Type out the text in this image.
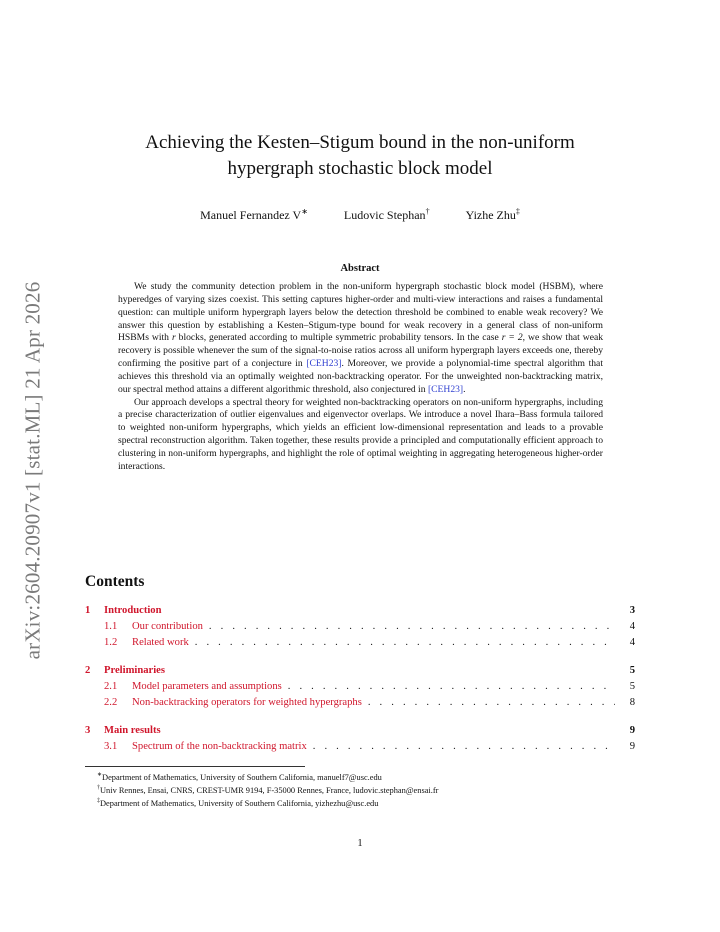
arXiv:2604.20907v1 [stat.ML] 21 Apr 2026
Achieving the Kesten–Stigum bound in the non-uniform
hypergraph stochastic block model
Manuel Fernandez V∗	Ludovic Stephan†	Yizhe Zhu‡
Abstract

We study the community detection problem in the non-uniform hypergraph stochastic block model (HSBM), where hyperedges of varying sizes coexist. This setting captures higher-order and multi-view interactions and raises a fundamental question: can multiple uniform hypergraph layers below the detection threshold be combined to enable weak recovery? We answer this question by establishing a Kesten–Stigum-type bound for weak recovery in a general class of non-uniform HSBMs with r blocks, generated according to multiple symmetric probability tensors. In the case r = 2, we show that weak recovery is possible whenever the sum of the signal-to-noise ratios across all uniform hypergraph layers exceeds one, thereby confirming the positive part of a conjecture in [CEH23]. Moreover, we provide a polynomial-time spectral algorithm that achieves this threshold via an optimally weighted non-backtracking operator. For the unweighted non-backtracking matrix, our spectral method attains a different algorithmic threshold, also conjectured in [CEH23].

Our approach develops a spectral theory for weighted non-backtracking operators on non-uniform hypergraphs, including a precise characterization of outlier eigenvalues and eigenvector overlaps. We introduce a novel Ihara–Bass formula tailored to weighted non-uniform hypergraphs, which yields an efficient low-dimensional representation and leads to a provable spectral reconstruction algorithm. Taken together, these results provide a principled and computationally efficient approach to clustering in non-uniform hypergraphs, and highlight the role of optimal weighting in aggregating heterogeneous higher-order interactions.

Contents
1	Introduction	3
1.1	Our contribution . . .	4
1.2	Related work . . .	4
2	Preliminaries	5
2.1	Model parameters and assumptions . . .	5
2.2	Non-backtracking operators for weighted hypergraphs . . .	8
3	Main results	9
3.1	Spectrum of the non-backtracking matrix . . .	9
∗Department of Mathematics, University of Southern California, manuelf7@usc.edu
†Univ Rennes, Ensai, CNRS, CREST-UMR 9194, F-35000 Rennes, France, ludovic.stephan@ensai.fr
‡Department of Mathematics, University of Southern California, yizhezhu@usc.edu
1
